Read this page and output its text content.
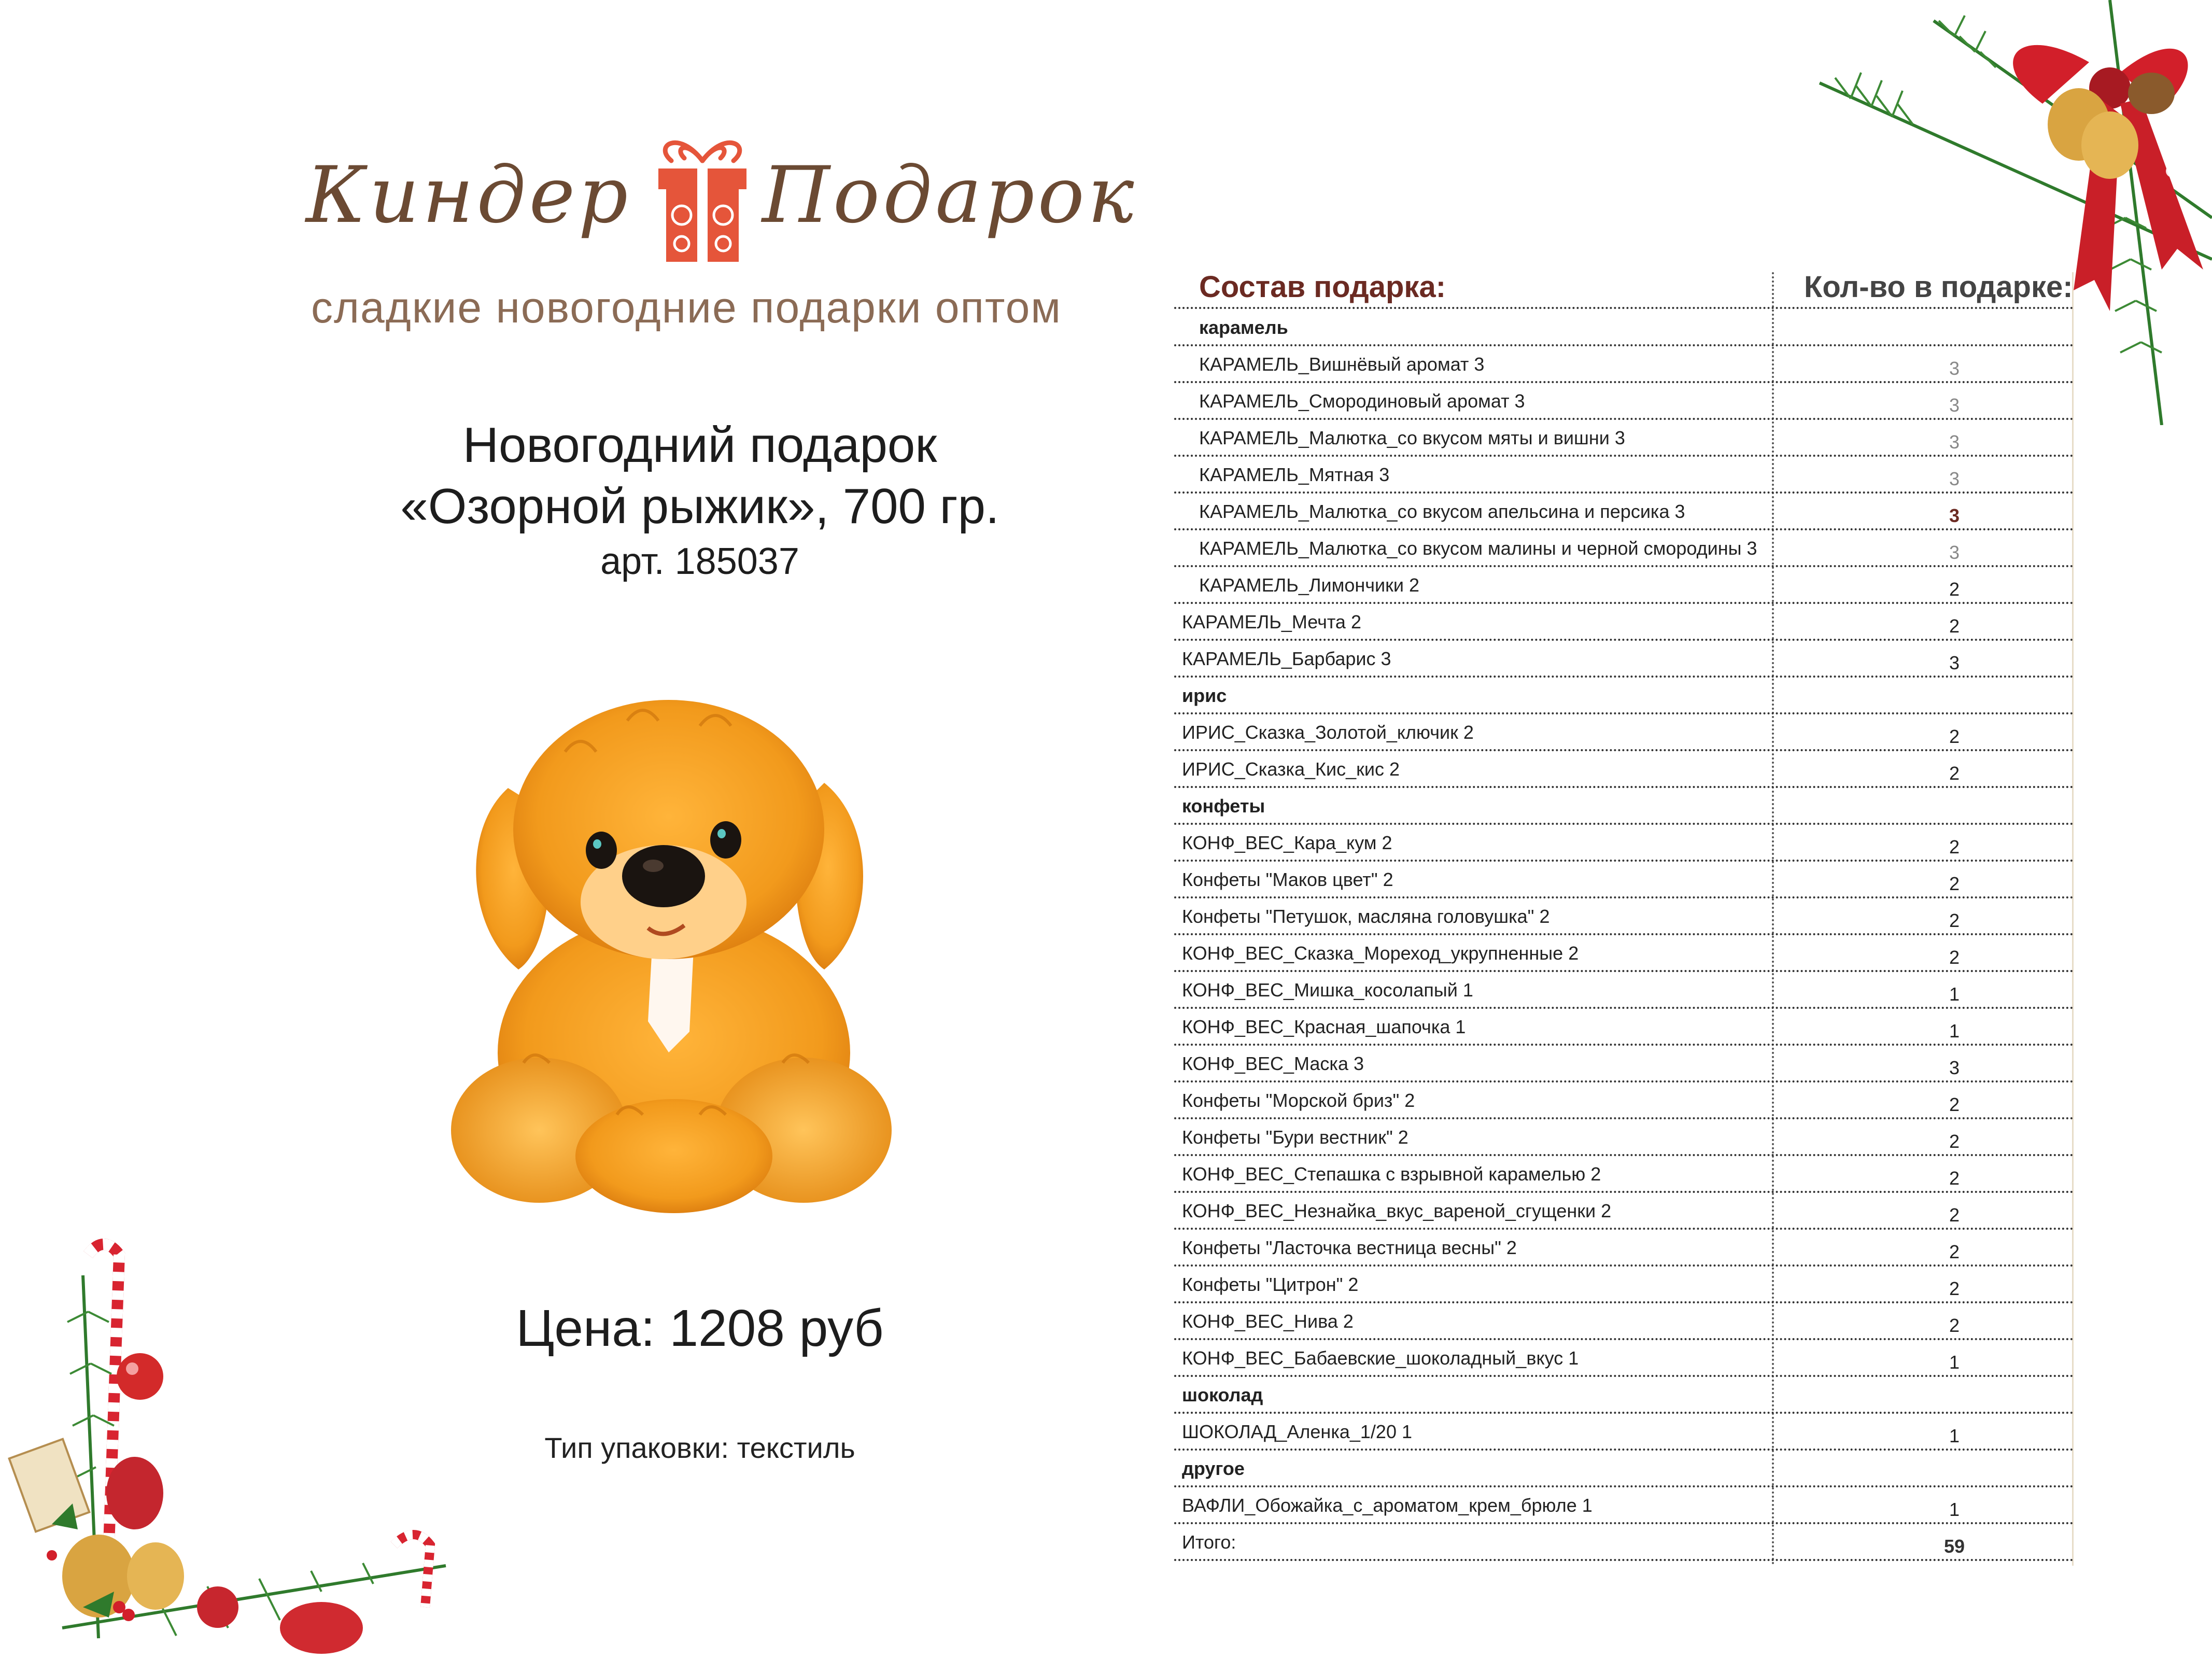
Киндер Подарок
сладкие новогодние подарки оптом
Новогодний подарок
«Озорной рыжик», 700 гр.
арт. 185037
Цена: 1208 руб
Тип упаковки: текстиль
Состав подарка:	Кол-во в подарке:
карамель
КАРАМЕЛЬ_Вишнёвый аромат 3	3
КАРАМЕЛЬ_Смородиновый аромат 3	3
КАРАМЕЛЬ_Малютка_со вкусом мяты и вишни 3	3
КАРАМЕЛЬ_Мятная 3	3
КАРАМЕЛЬ_Малютка_со вкусом апельсина и персика 3	3
КАРАМЕЛЬ_Малютка_со вкусом малины и черной смородины 3	3
КАРАМЕЛЬ_Лимончики 2	2
КАРАМЕЛЬ_Мечта 2	2
КАРАМЕЛЬ_Барбарис 3	3
ирис
ИРИС_Сказка_Золотой_ключик 2	2
ИРИС_Сказка_Кис_кис 2	2
конфеты
КОНФ_ВЕС_Кара_кум 2	2
Конфеты "Маков цвет" 2	2
Конфеты "Петушок, масляна головушка" 2	2
КОНФ_ВЕС_Сказка_Мореход_укрупненные 2	2
КОНФ_ВЕС_Мишка_косолапый 1	1
КОНФ_ВЕС_Красная_шапочка 1	1
КОНФ_ВЕС_Маска 3	3
Конфеты "Морской бриз" 2	2
Конфеты "Бури вестник" 2	2
КОНФ_ВЕС_Степашка с взрывной карамелью 2	2
КОНФ_ВЕС_Незнайка_вкус_вареной_сгущенки 2	2
Конфеты "Ласточка вестница весны" 2	2
Конфеты "Цитрон" 2	2
КОНФ_ВЕС_Нива 2	2
КОНФ_ВЕС_Бабаевские_шоколадный_вкус 1	1
шоколад
ШОКОЛАД_Аленка_1/20 1	1
другое
ВАФЛИ_Обожайка_с_ароматом_крем_брюле 1	1
Итого:	59
